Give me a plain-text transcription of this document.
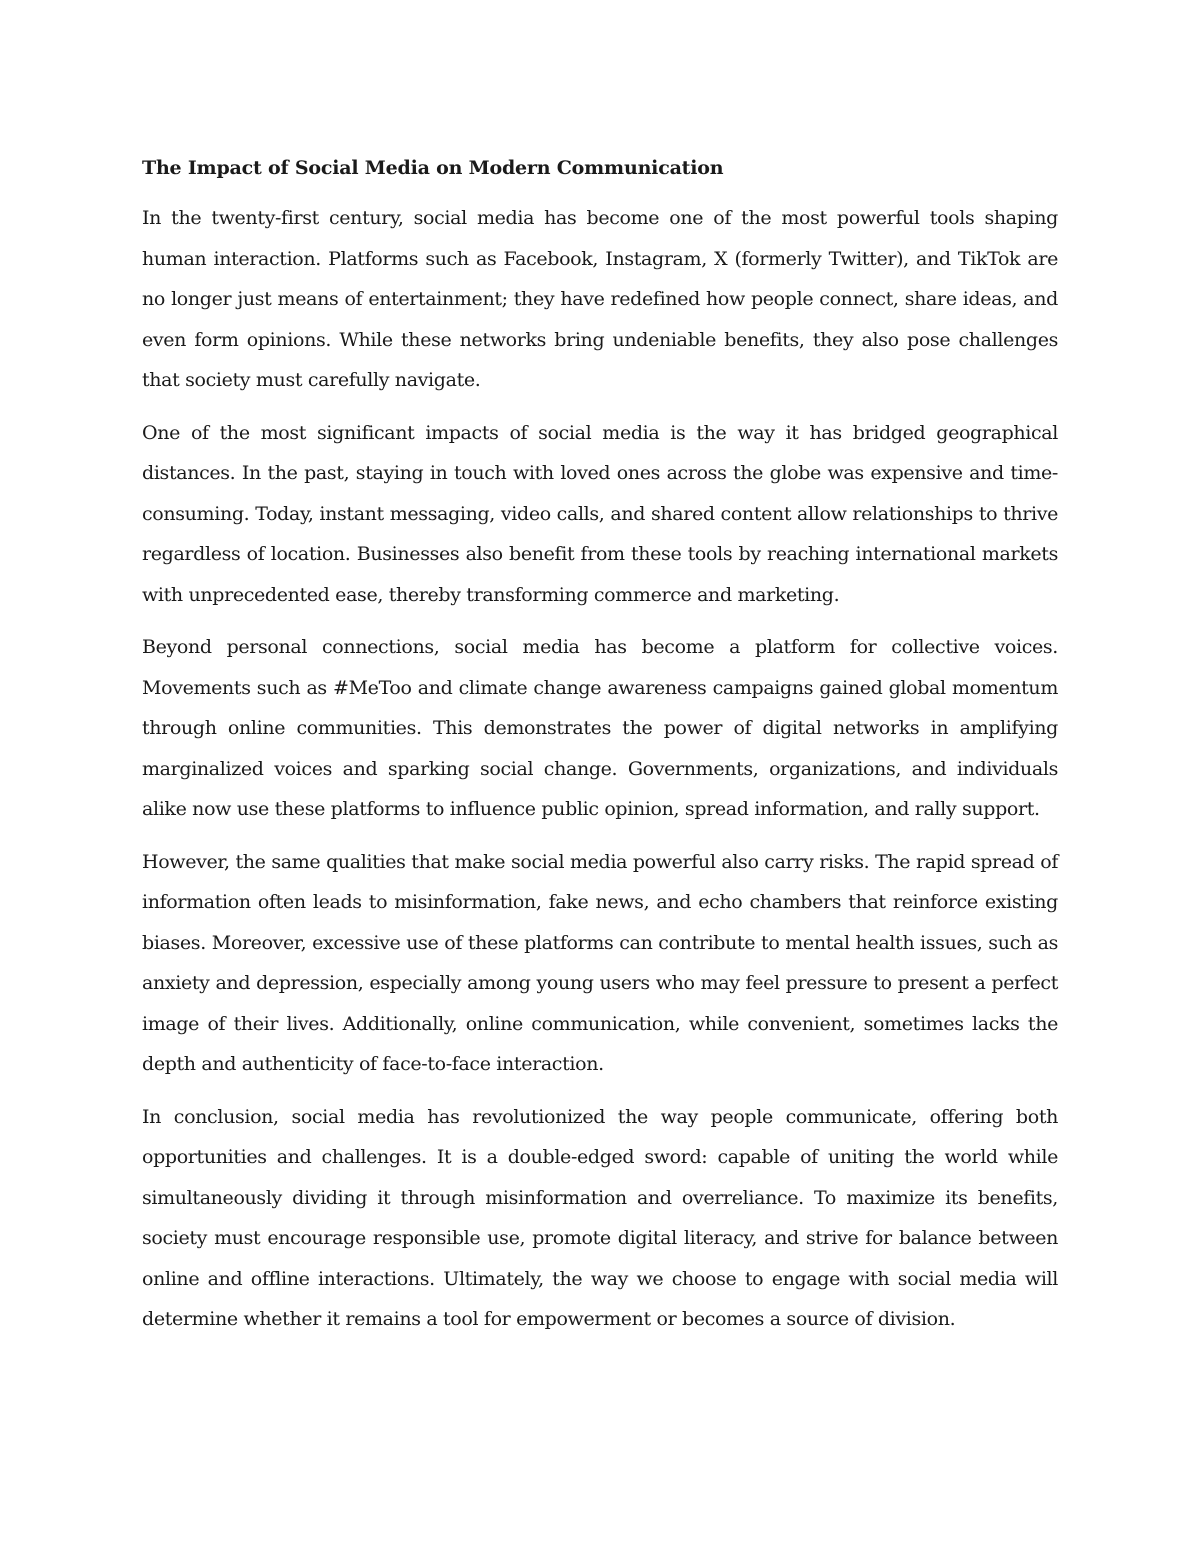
The Impact of Social Media on Modern Communication

In the twenty-first century, social media has become one of the most powerful tools shaping human interaction. Platforms such as Facebook, Instagram, X (formerly Twitter), and TikTok are no longer just means of entertainment; they have redefined how people connect, share ideas, and even form opinions. While these networks bring undeniable benefits, they also pose challenges that society must carefully navigate.

One of the most significant impacts of social media is the way it has bridged geographical distances. In the past, staying in touch with loved ones across the globe was expensive and time-consuming. Today, instant messaging, video calls, and shared content allow relationships to thrive regardless of location. Businesses also benefit from these tools by reaching international markets with unprecedented ease, thereby transforming commerce and marketing.

Beyond personal connections, social media has become a platform for collective voices. Movements such as #MeToo and climate change awareness campaigns gained global momentum through online communities. This demonstrates the power of digital networks in amplifying marginalized voices and sparking social change. Governments, organizations, and individuals alike now use these platforms to influence public opinion, spread information, and rally support.

However, the same qualities that make social media powerful also carry risks. The rapid spread of information often leads to misinformation, fake news, and echo chambers that reinforce existing biases. Moreover, excessive use of these platforms can contribute to mental health issues, such as anxiety and depression, especially among young users who may feel pressure to present a perfect image of their lives. Additionally, online communication, while convenient, sometimes lacks the depth and authenticity of face-to-face interaction.

In conclusion, social media has revolutionized the way people communicate, offering both opportunities and challenges. It is a double-edged sword: capable of uniting the world while simultaneously dividing it through misinformation and overreliance. To maximize its benefits, society must encourage responsible use, promote digital literacy, and strive for balance between online and offline interactions. Ultimately, the way we choose to engage with social media will determine whether it remains a tool for empowerment or becomes a source of division.
